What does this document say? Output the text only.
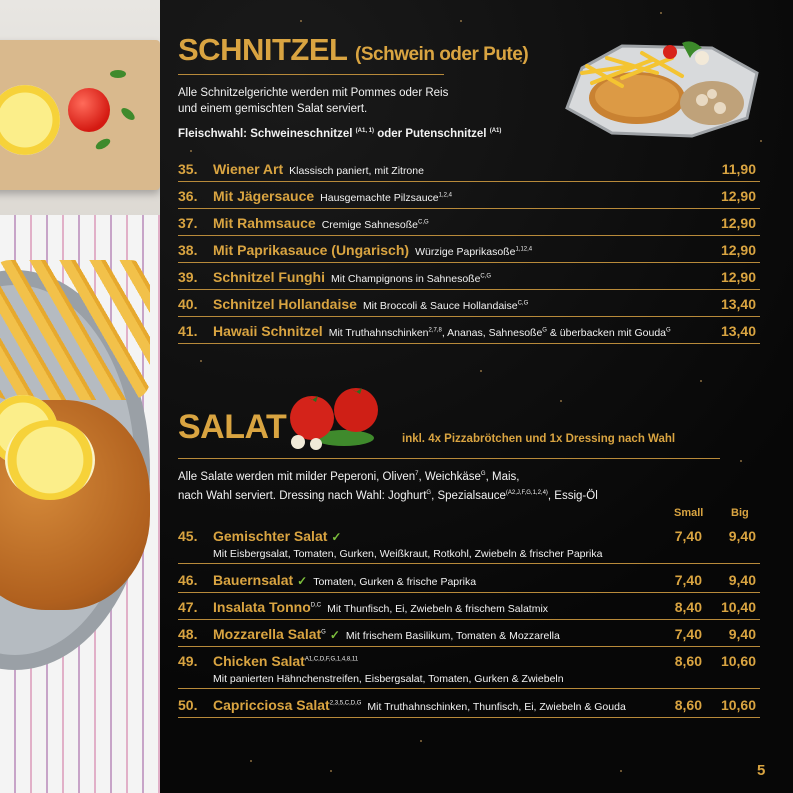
SCHNITZEL (Schwein oder Pute)
Alle Schnitzelgerichte werden mit Pommes oder Reis
und einem gemischten Salat serviert.
Fleischwahl: Schweineschnitzel $^{(A1, 1)}$ oder Putenschnitzel $^{(A1)}$
35. Wiener Art Klassisch paniert, mit Zitrone	11,90
36. Mit Jägersauce Hausgemachte Pilzsauce$^{1,2,4}$	12,90
37. Mit Rahmsauce Cremige Sahnesoße$^{C,G}$	12,90
38. Mit Paprikasauce (Ungarisch) Würzige Paprikasoße$^{1,12,4}$	12,90
39. Schnitzel Funghi Mit Champignons in Sahnesoße$^{C,G}$	12,90
40. Schnitzel Hollandaise Mit Broccoli & Sauce Hollandaise$^{C,G}$	13,40
41. Hawaii Schnitzel Mit Truthahnschinken$^{2,7,8}$, Ananas, Sahnesoße$^G$ & überbacken mit Gouda$^G$	13,40
SALAT	inkl. 4x Pizzabrötchen und 1x Dressing nach Wahl
Alle Salate werden mit milder Peperoni, Oliven$^7$, Weichkäse$^G$, Mais,
nach Wahl serviert. Dressing nach Wahl: Joghurt$^G$, Spezialsauce$^{(A2,J,F,G,1,2,4)}$, Essig-Öl
Small	Big
45. Gemischter Salat ✓
Mit Eisbergsalat, Tomaten, Gurken, Weißkraut, Rotkohl, Zwiebeln & frischer Paprika
7,40 9,40
46. Bauernsalat ✓ Tomaten, Gurken & frische Paprika	7,40 9,40
47. Insalata Tonno$^{D,C}$ Mit Thunfisch, Ei, Zwiebeln & frischem Salatmix	8,40 10,40
48. Mozzarella Salat$^G$ ✓ Mit frischem Basilikum, Tomaten & Mozzarella	7,40 9,40
49. Chicken Salat$^{A1,C,D,F,G,1,4,8,11}$
Mit panierten Hähnchenstreifen, Eisbergsalat, Tomaten, Gurken & Zwiebeln
8,60 10,60
50. Capricciosa Salat$^{2,3,5,C,D,G}$ Mit Truthahnschinken, Thunfisch, Ei, Zwiebeln & Gouda	8,60 10,60
5
